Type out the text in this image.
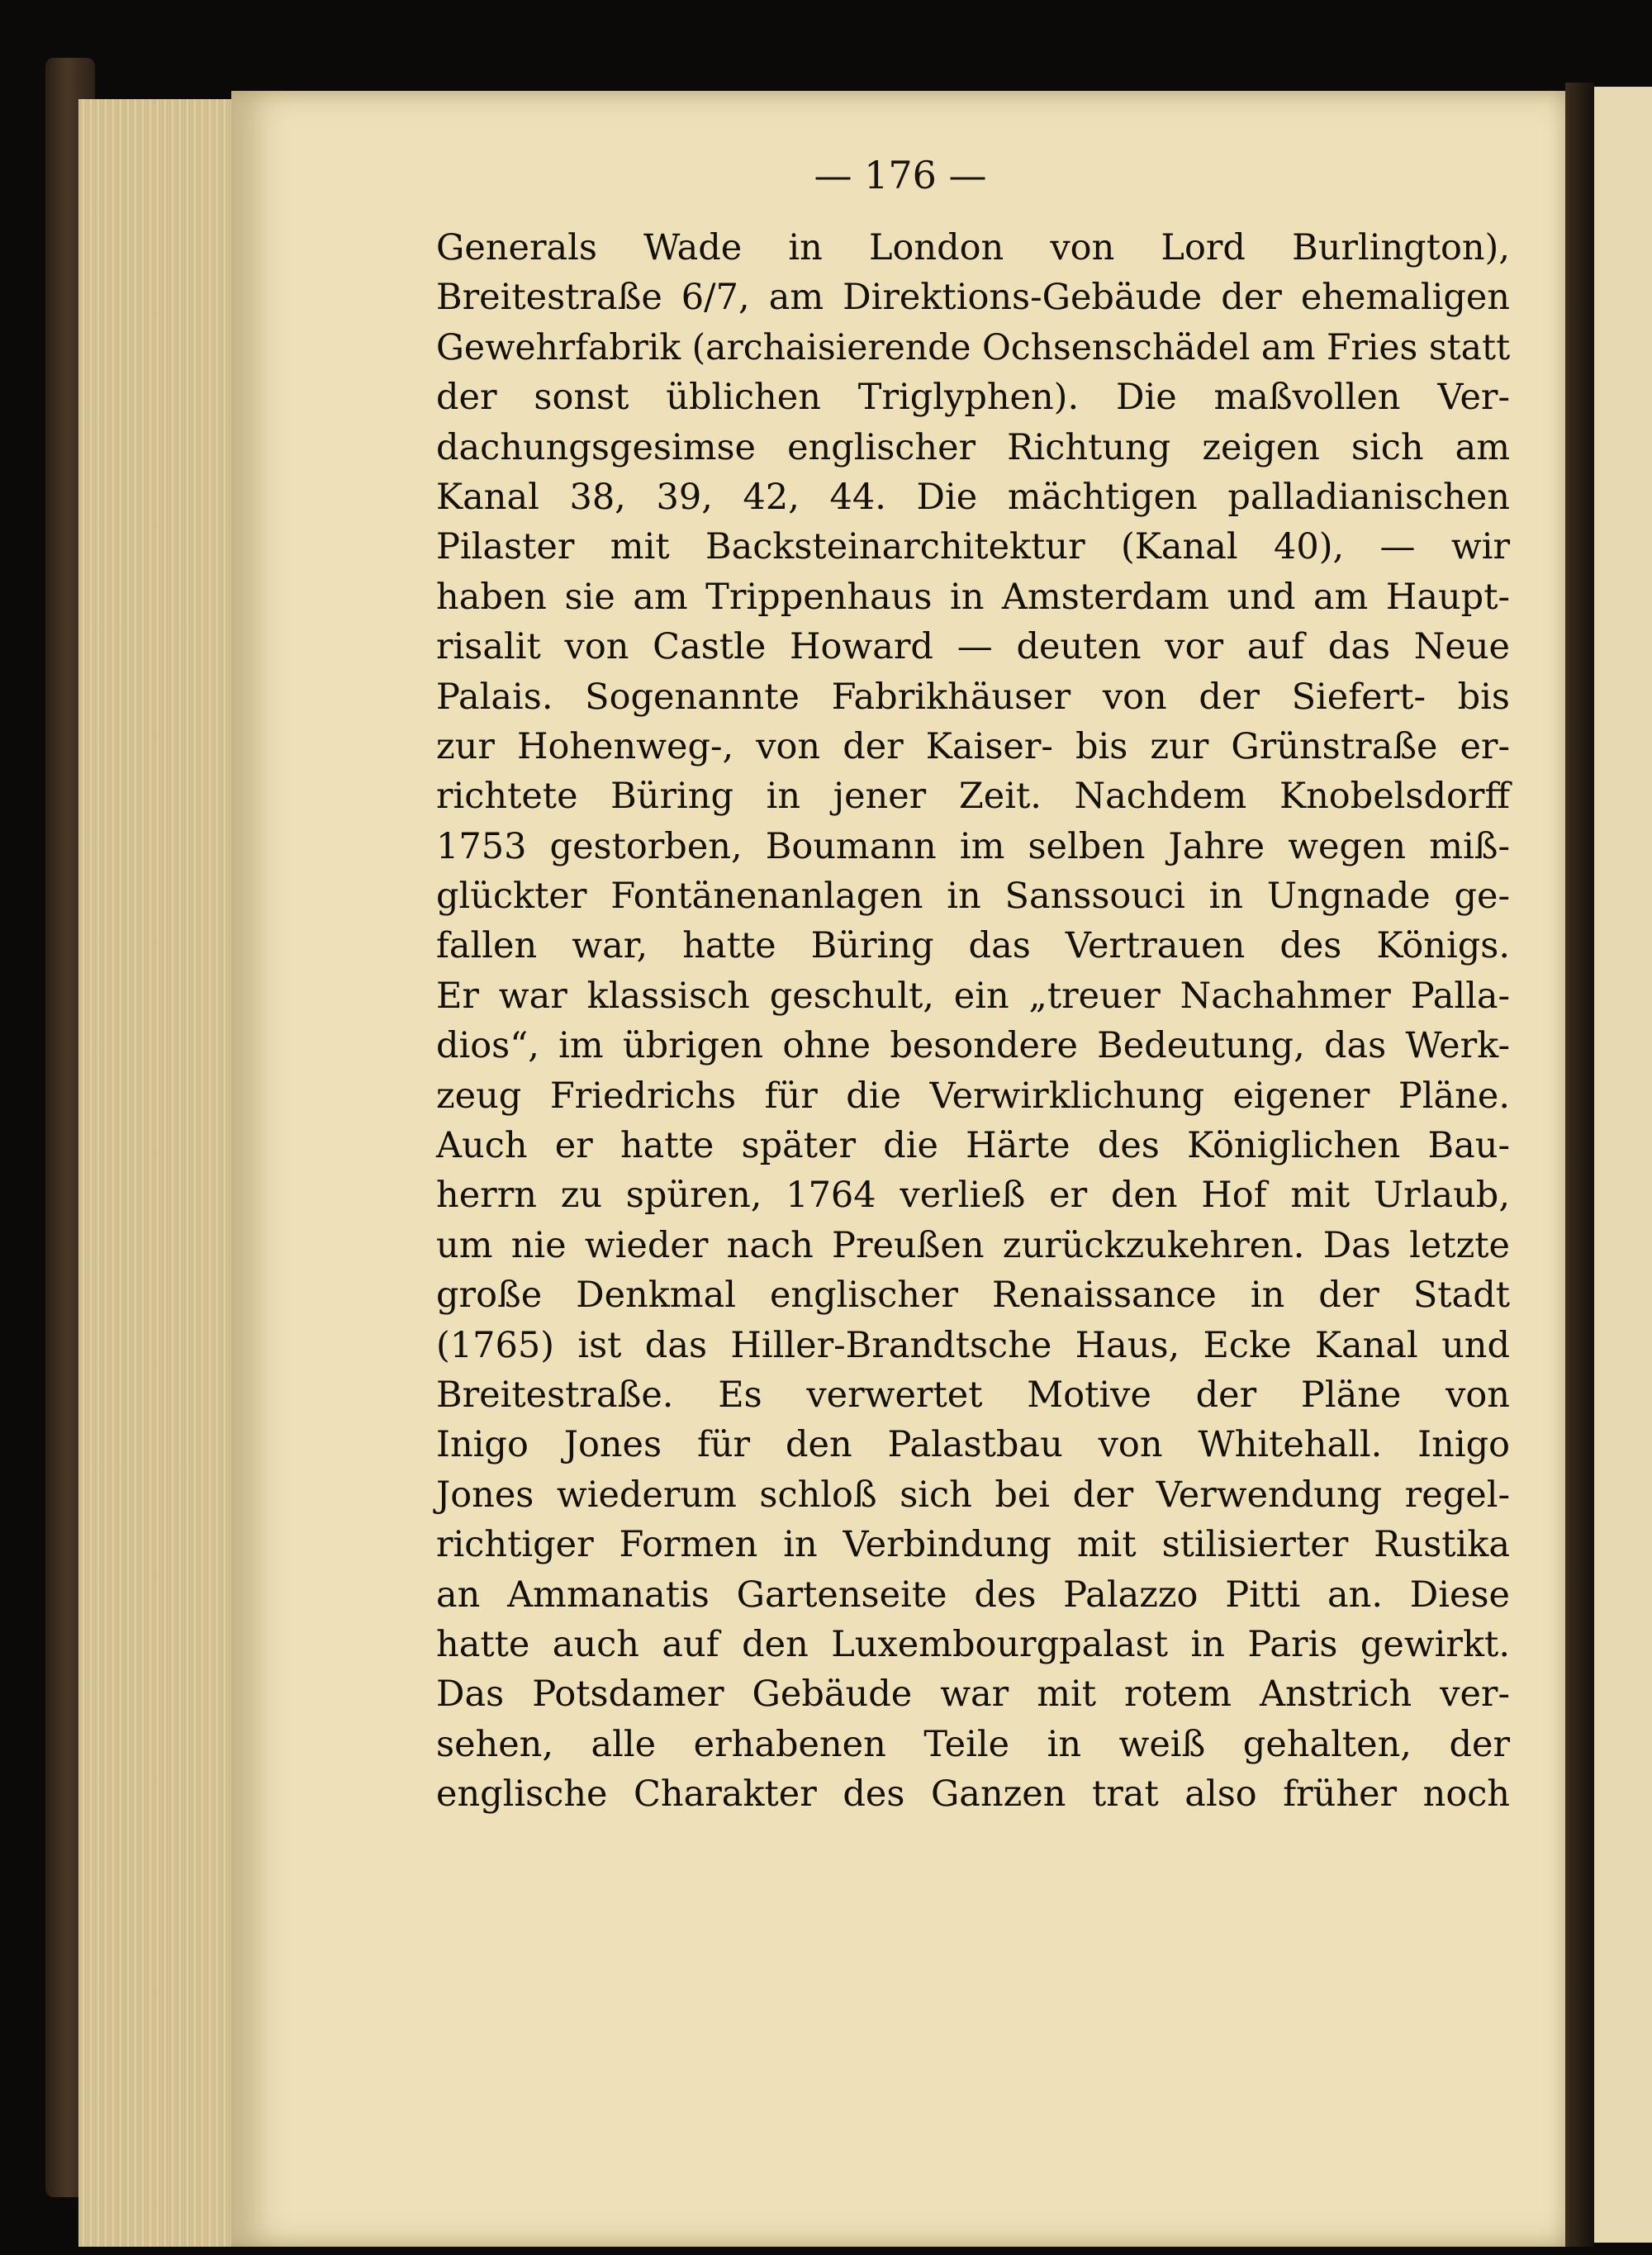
— 176 —

Generals Wade in London von Lord Burlington),
Breitestraße 6/7, am Direktions-Gebäude der ehemaligen
Gewehrfabrik (archaisierende Ochsenschädel am Fries statt
der sonst üblichen Triglyphen). Die maßvollen Ver-
dachungsgesimse englischer Richtung zeigen sich am
Kanal 38, 39, 42, 44. Die mächtigen palladianischen
Pilaster mit Backsteinarchitektur (Kanal 40), — wir
haben sie am Trippenhaus in Amsterdam und am Haupt-
risalit von Castle Howard — deuten vor auf das Neue
Palais. Sogenannte Fabrikhäuser von der Siefert- bis
zur Hohenweg-, von der Kaiser- bis zur Grünstraße er-
richtete Büring in jener Zeit. Nachdem Knobelsdorff
1753 gestorben, Boumann im selben Jahre wegen miß-
glückter Fontänenanlagen in Sanssouci in Ungnade ge-
fallen war, hatte Büring das Vertrauen des Königs.
Er war klassisch geschult, ein „treuer Nachahmer Palla-
dios“, im übrigen ohne besondere Bedeutung, das Werk-
zeug Friedrichs für die Verwirklichung eigener Pläne.
Auch er hatte später die Härte des Königlichen Bau-
herrn zu spüren, 1764 verließ er den Hof mit Urlaub,
um nie wieder nach Preußen zurückzukehren. Das letzte
große Denkmal englischer Renaissance in der Stadt
(1765) ist das Hiller-Brandtsche Haus, Ecke Kanal und
Breitestraße. Es verwertet Motive der Pläne von
Inigo Jones für den Palastbau von Whitehall. Inigo
Jones wiederum schloß sich bei der Verwendung regel-
richtiger Formen in Verbindung mit stilisierter Rustika
an Ammanatis Gartenseite des Palazzo Pitti an. Diese
hatte auch auf den Luxembourgpalast in Paris gewirkt.
Das Potsdamer Gebäude war mit rotem Anstrich ver-
sehen, alle erhabenen Teile in weiß gehalten, der
englische Charakter des Ganzen trat also früher noch
